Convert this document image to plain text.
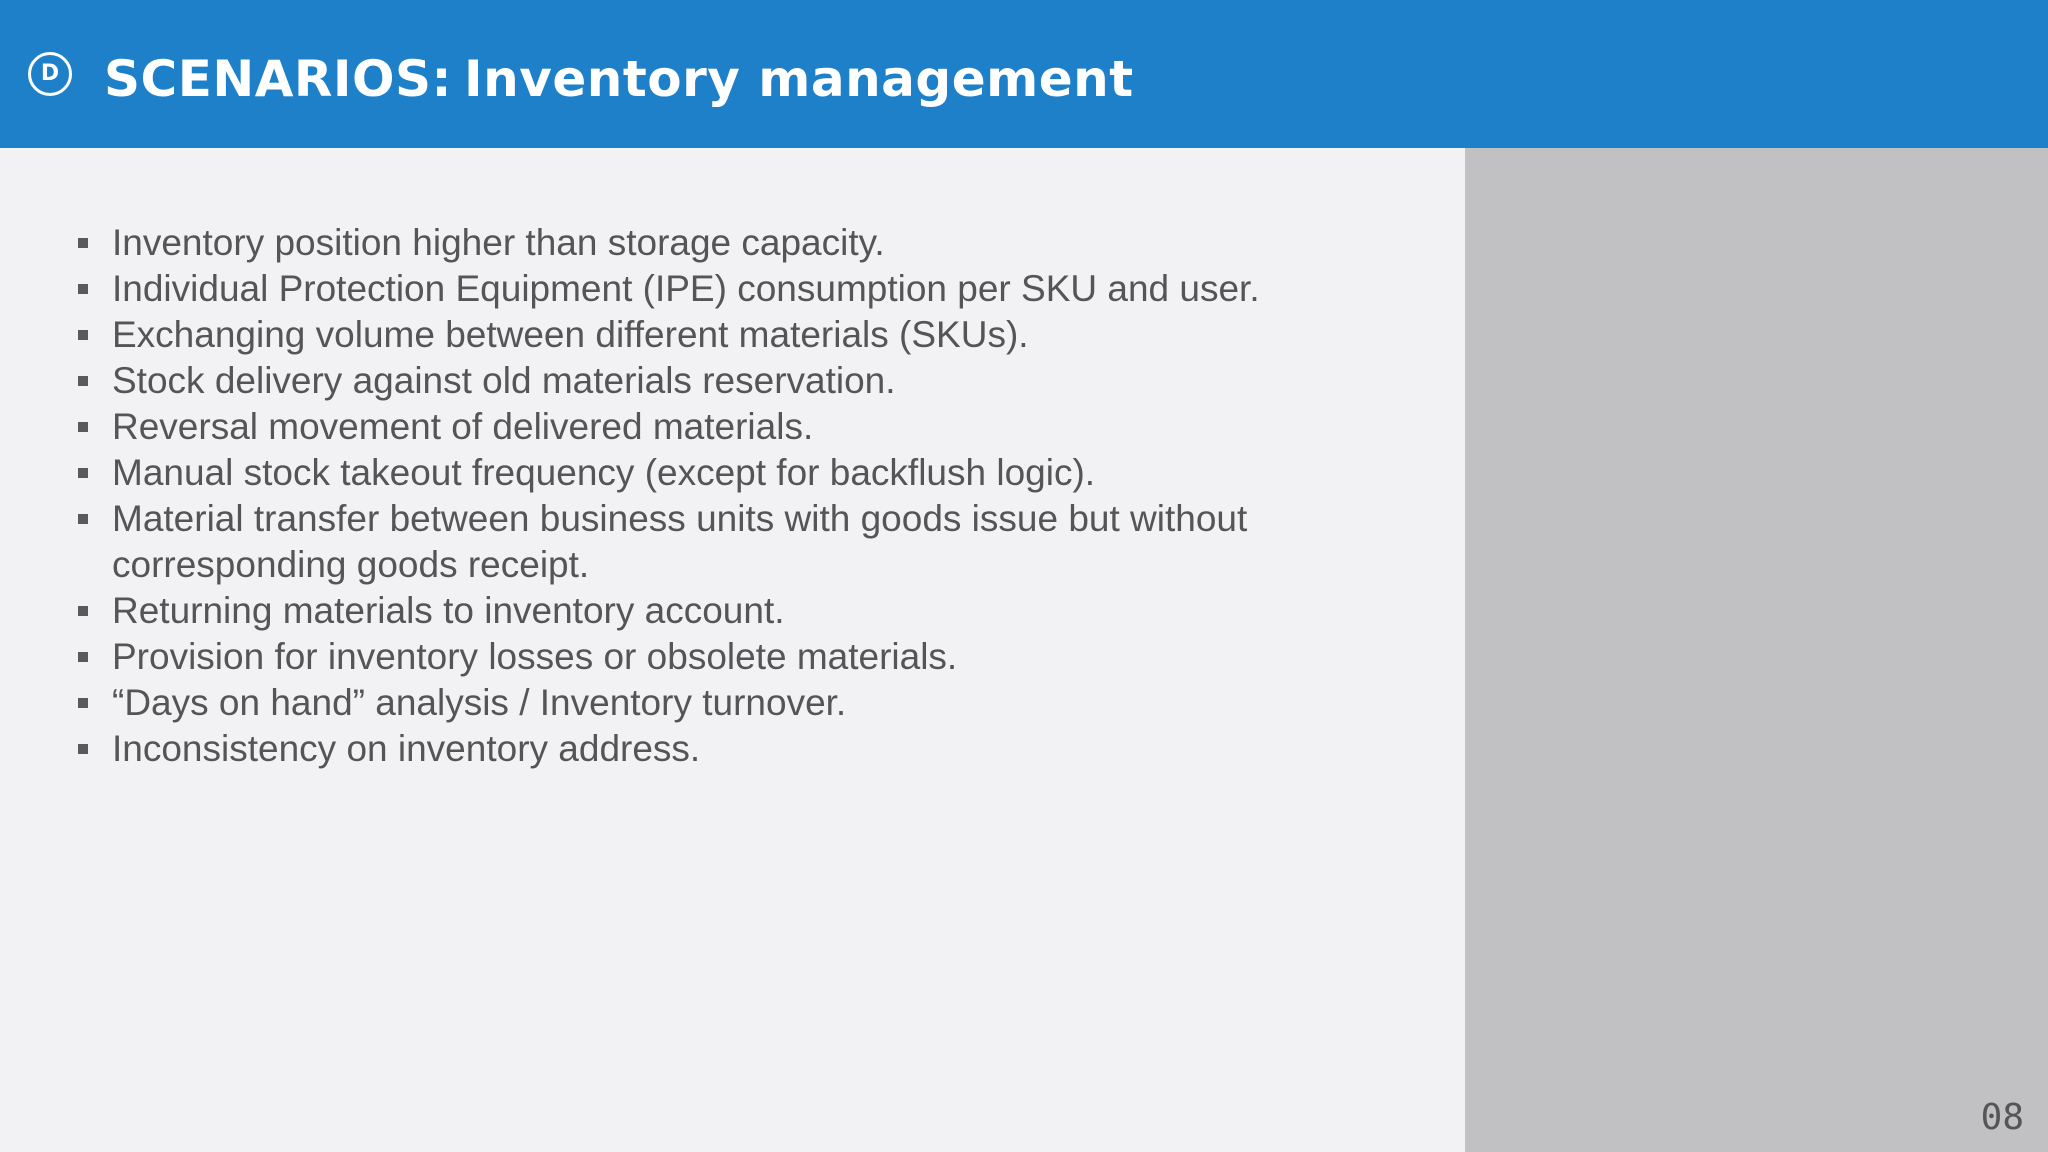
D SCENARIOS: Inventory management
Inventory position higher than storage capacity.
Individual Protection Equipment (IPE) consumption per SKU and user.
Exchanging volume between different materials (SKUs).
Stock delivery against old materials reservation.
Reversal movement of delivered materials.
Manual stock takeout frequency (except for backflush logic).
Material transfer between business units with goods issue but without
corresponding goods receipt.
Returning materials to inventory account.
Provision for inventory losses or obsolete materials.
“Days on hand” analysis / Inventory turnover.
Inconsistency on inventory address.
08
